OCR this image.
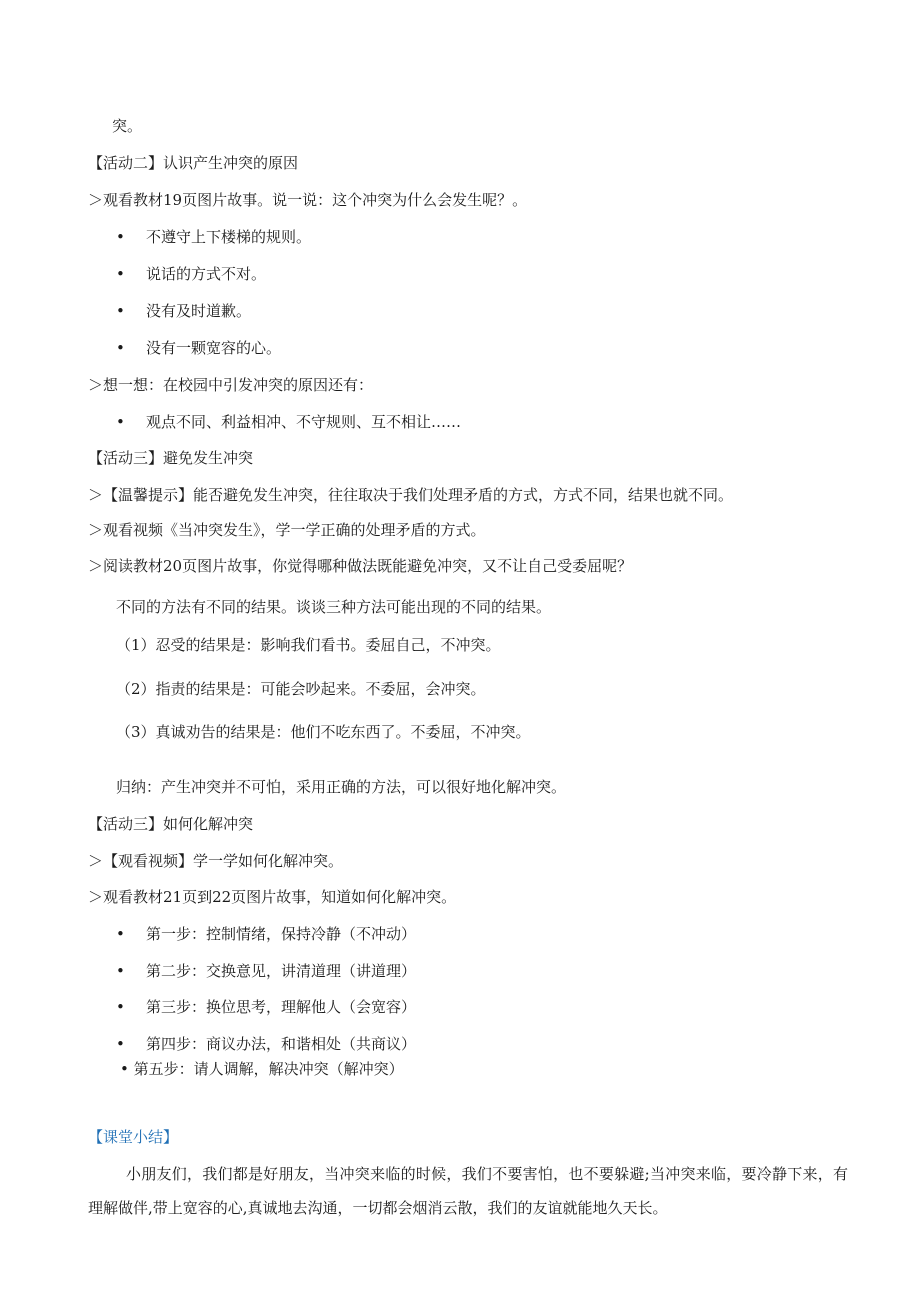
突。
【活动二】认识产生冲突的原因
＞观看教材19页图片故事。说一说：这个冲突为什么会发生呢？。
• 不遵守上下楼梯的规则。
• 说话的方式不对。
• 没有及时道歉。
• 没有一颗宽容的心。
＞想一想：在校园中引发冲突的原因还有：
• 观点不同、利益相冲、不守规则、互不相让……
【活动三】避免发生冲突
＞【温馨提示】能否避免发生冲突，往往取决于我们处理矛盾的方式，方式不同，结果也就不同。
＞观看视频《当冲突发生》，学一学正确的处理矛盾的方式。
＞阅读教材20页图片故事，你觉得哪种做法既能避免冲突，又不让自己受委屈呢？
不同的方法有不同的结果。谈谈三种方法可能出现的不同的结果。
（1）忍受的结果是：影响我们看书。委屈自己，不冲突。
（2）指责的结果是：可能会吵起来。不委屈，会冲突。
（3）真诚劝告的结果是：他们不吃东西了。不委屈，不冲突。
归纳：产生冲突并不可怕，采用正确的方法，可以很好地化解冲突。
【活动三】如何化解冲突
＞【观看视频】学一学如何化解冲突。
＞观看教材21页到22页图片故事，知道如何化解冲突。
• 第一步：控制情绪，保持冷静（不冲动）
• 第二步：交换意见，讲清道理（讲道理）
• 第三步：换位思考，理解他人（会宽容）
• 第四步：商议办法，和谐相处（共商议）
• 第五步：请人调解，解决冲突（解冲突）
【课堂小结】
小朋友们，我们都是好朋友，当冲突来临的时候，我们不要害怕，也不要躲避;当冲突来临，要冷静下来，有理解做伴,带上宽容的心,真诚地去沟通，一切都会烟消云散，我们的友谊就能地久天长。
